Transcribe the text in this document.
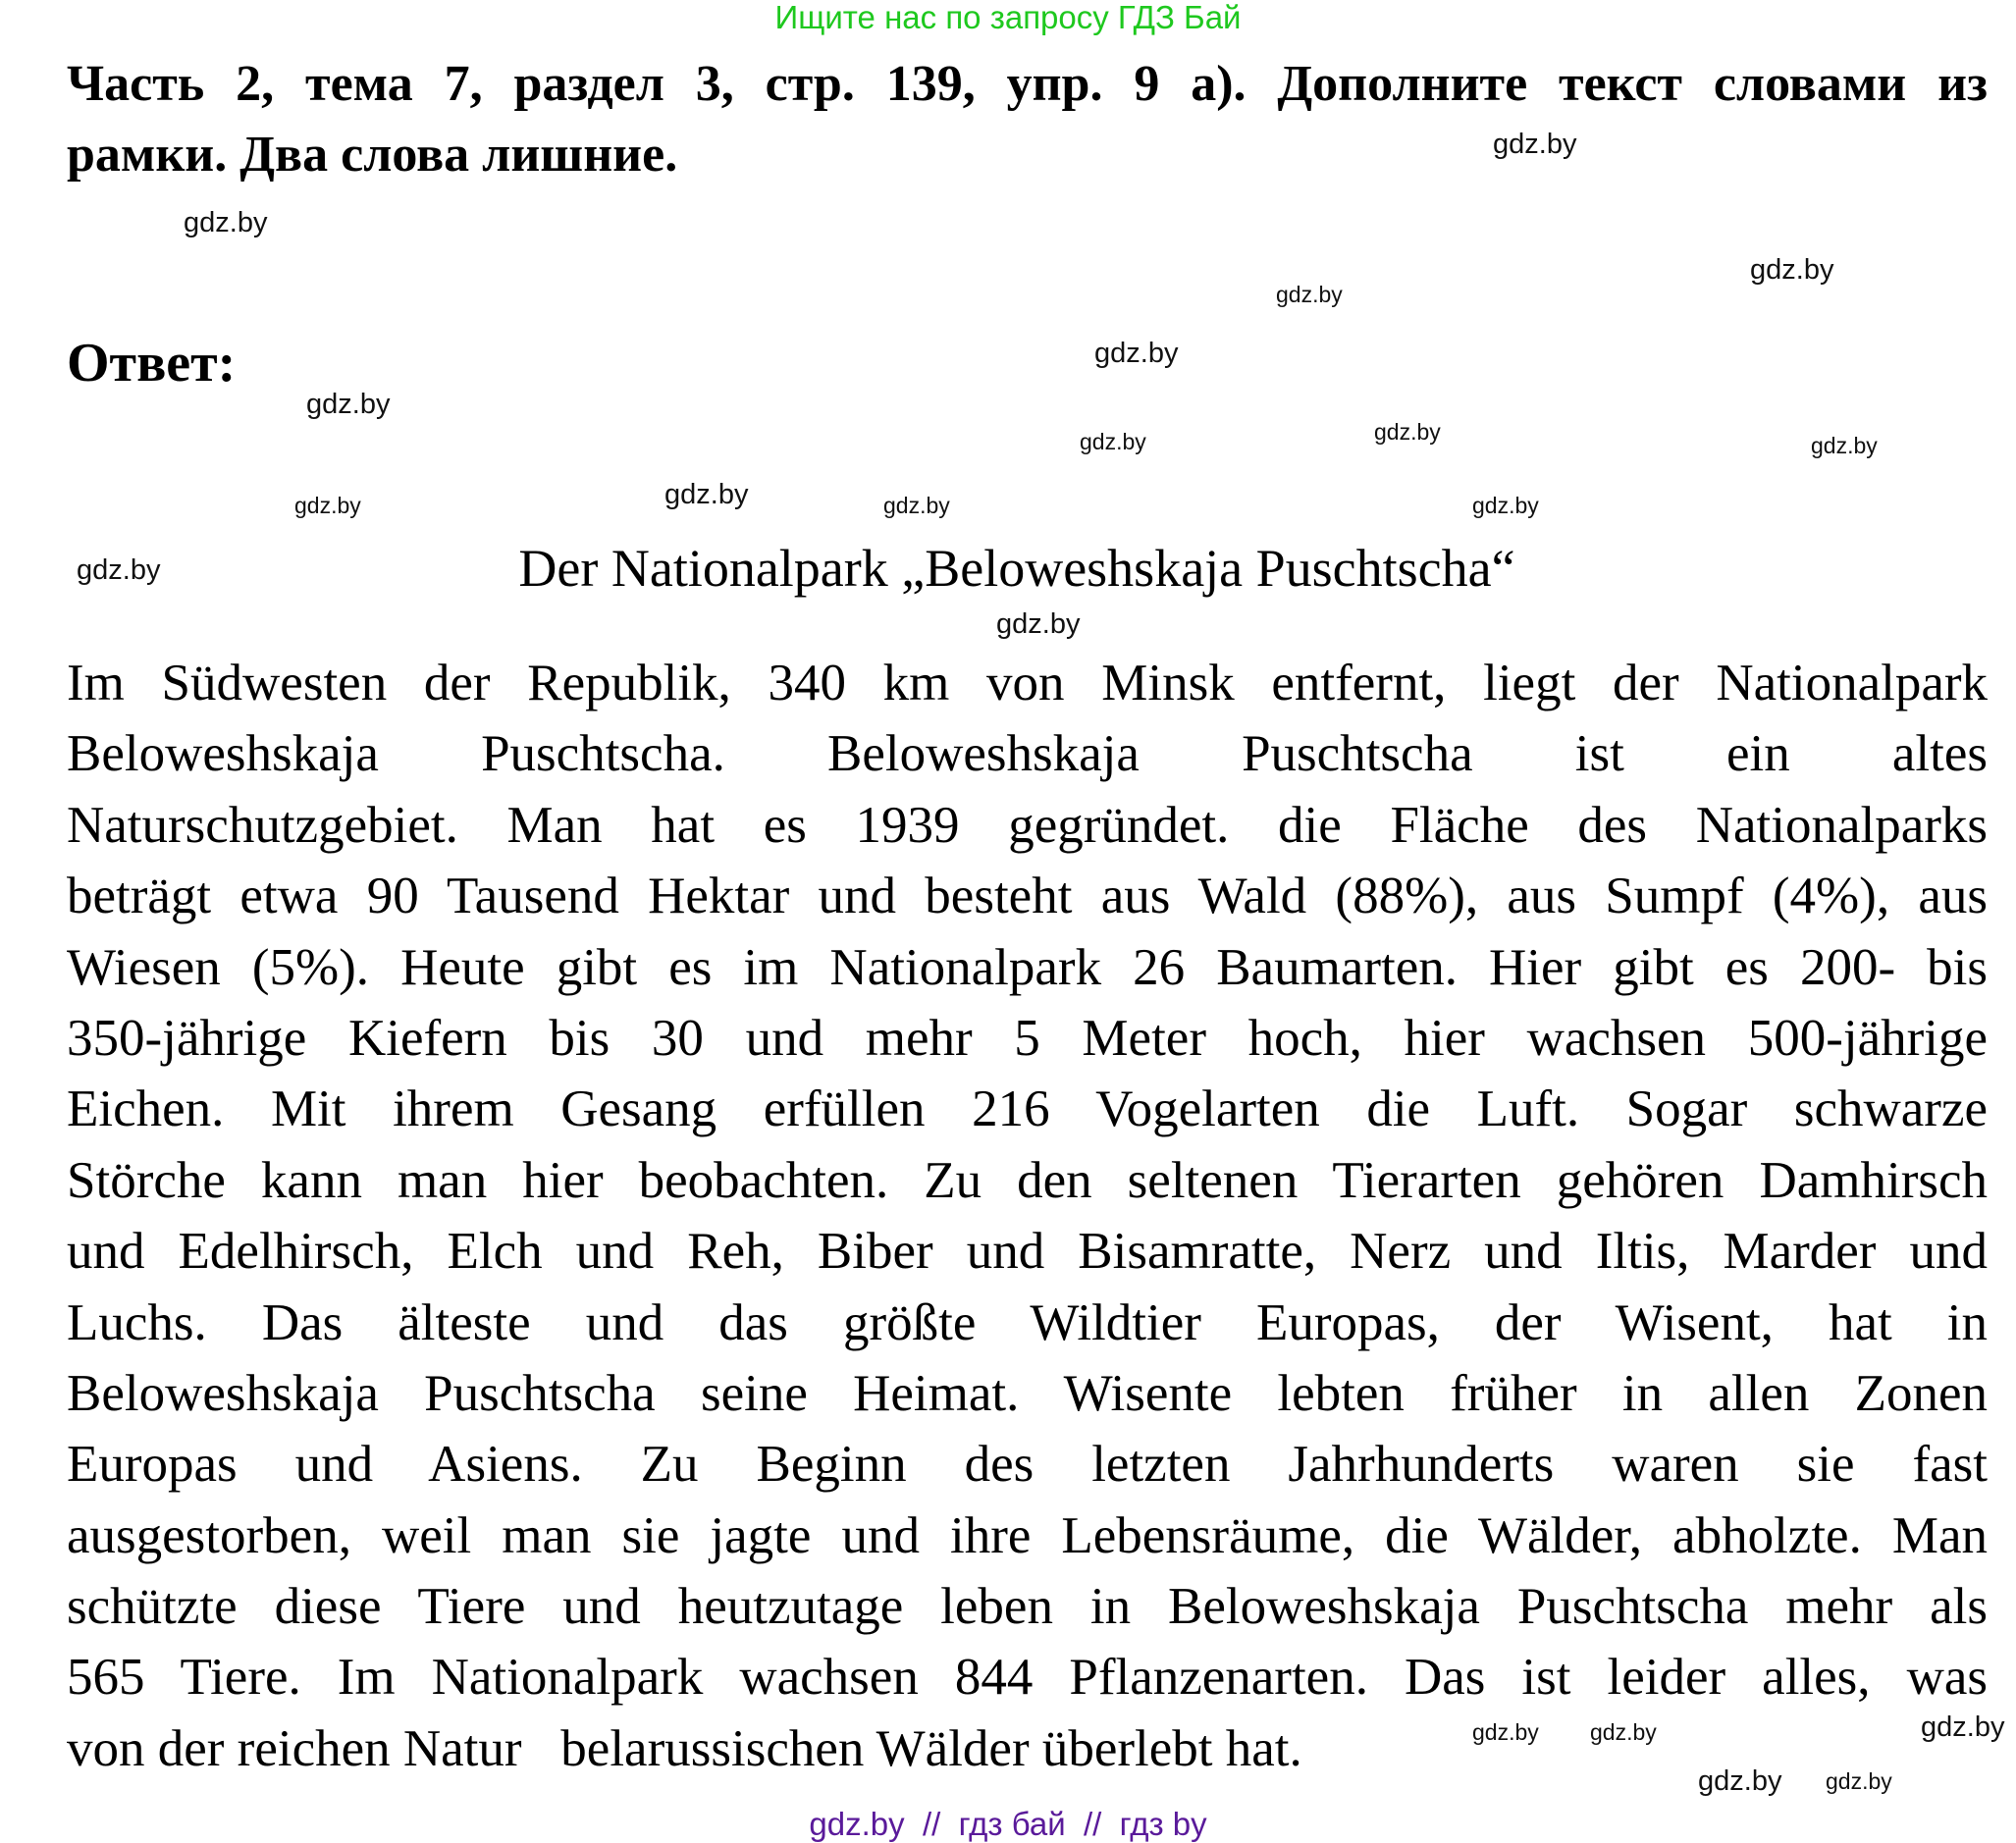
Ищите нас по запросу ГДЗ Бай
Часть 2, тема 7, раздел 3, стр. 139, упр. 9 а). Дополните текст словами из
рамки. Два слова лишние.
Ответ:
Der Nationalpark „Beloweshskaja Puschtscha“
Im Südwesten der Republik, 340 km von Minsk entfernt, liegt der Nationalpark
Beloweshskaja Puschtscha. Beloweshskaja Puschtscha ist ein altes
Naturschutzgebiet. Man hat es 1939 gegründet. die Fläche des Nationalparks
beträgt etwa 90 Tausend Hektar und besteht aus Wald (88%), aus Sumpf (4%), aus
Wiesen (5%). Heute gibt es im Nationalpark 26 Baumarten. Hier gibt es 200- bis
350-jährige Kiefern bis 30 und mehr 5 Meter hoch, hier wachsen 500-jährige
Eichen. Mit ihrem Gesang erfüllen 216 Vogelarten die Luft. Sogar schwarze
Störche kann man hier beobachten. Zu den seltenen Tierarten gehören Damhirsch
und Edelhirsch, Elch und Reh, Biber und Bisamratte, Nerz und Iltis, Marder und
Luchs. Das älteste und das größte Wildtier Europas, der Wisent, hat in
Beloweshskaja Puschtscha seine Heimat. Wisente lebten früher in allen Zonen
Europas und Asiens. Zu Beginn des letzten Jahrhunderts waren sie fast
ausgestorben, weil man sie jagte und ihre Lebensräume, die Wälder, abholzte. Man
schützte diese Tiere und heutzutage leben in Beloweshskaja Puschtscha mehr als
565 Tiere. Im Nationalpark wachsen 844 Pflanzenarten. Das ist leider alles, was
von der reichen Natur   belarussischen Wälder überlebt hat.
gdz.by
gdz.by
gdz.by
gdz.by
gdz.by
gdz.by
gdz.by
gdz.by
gdz.by
gdz.by
gdz.by	gdz.by	gdz.by
gdz.by
gdz.by
gdz.by
gdz.by gdz.by
gdz.by gdz.by
gdz.by  //  гдз бай  //  гдз by
